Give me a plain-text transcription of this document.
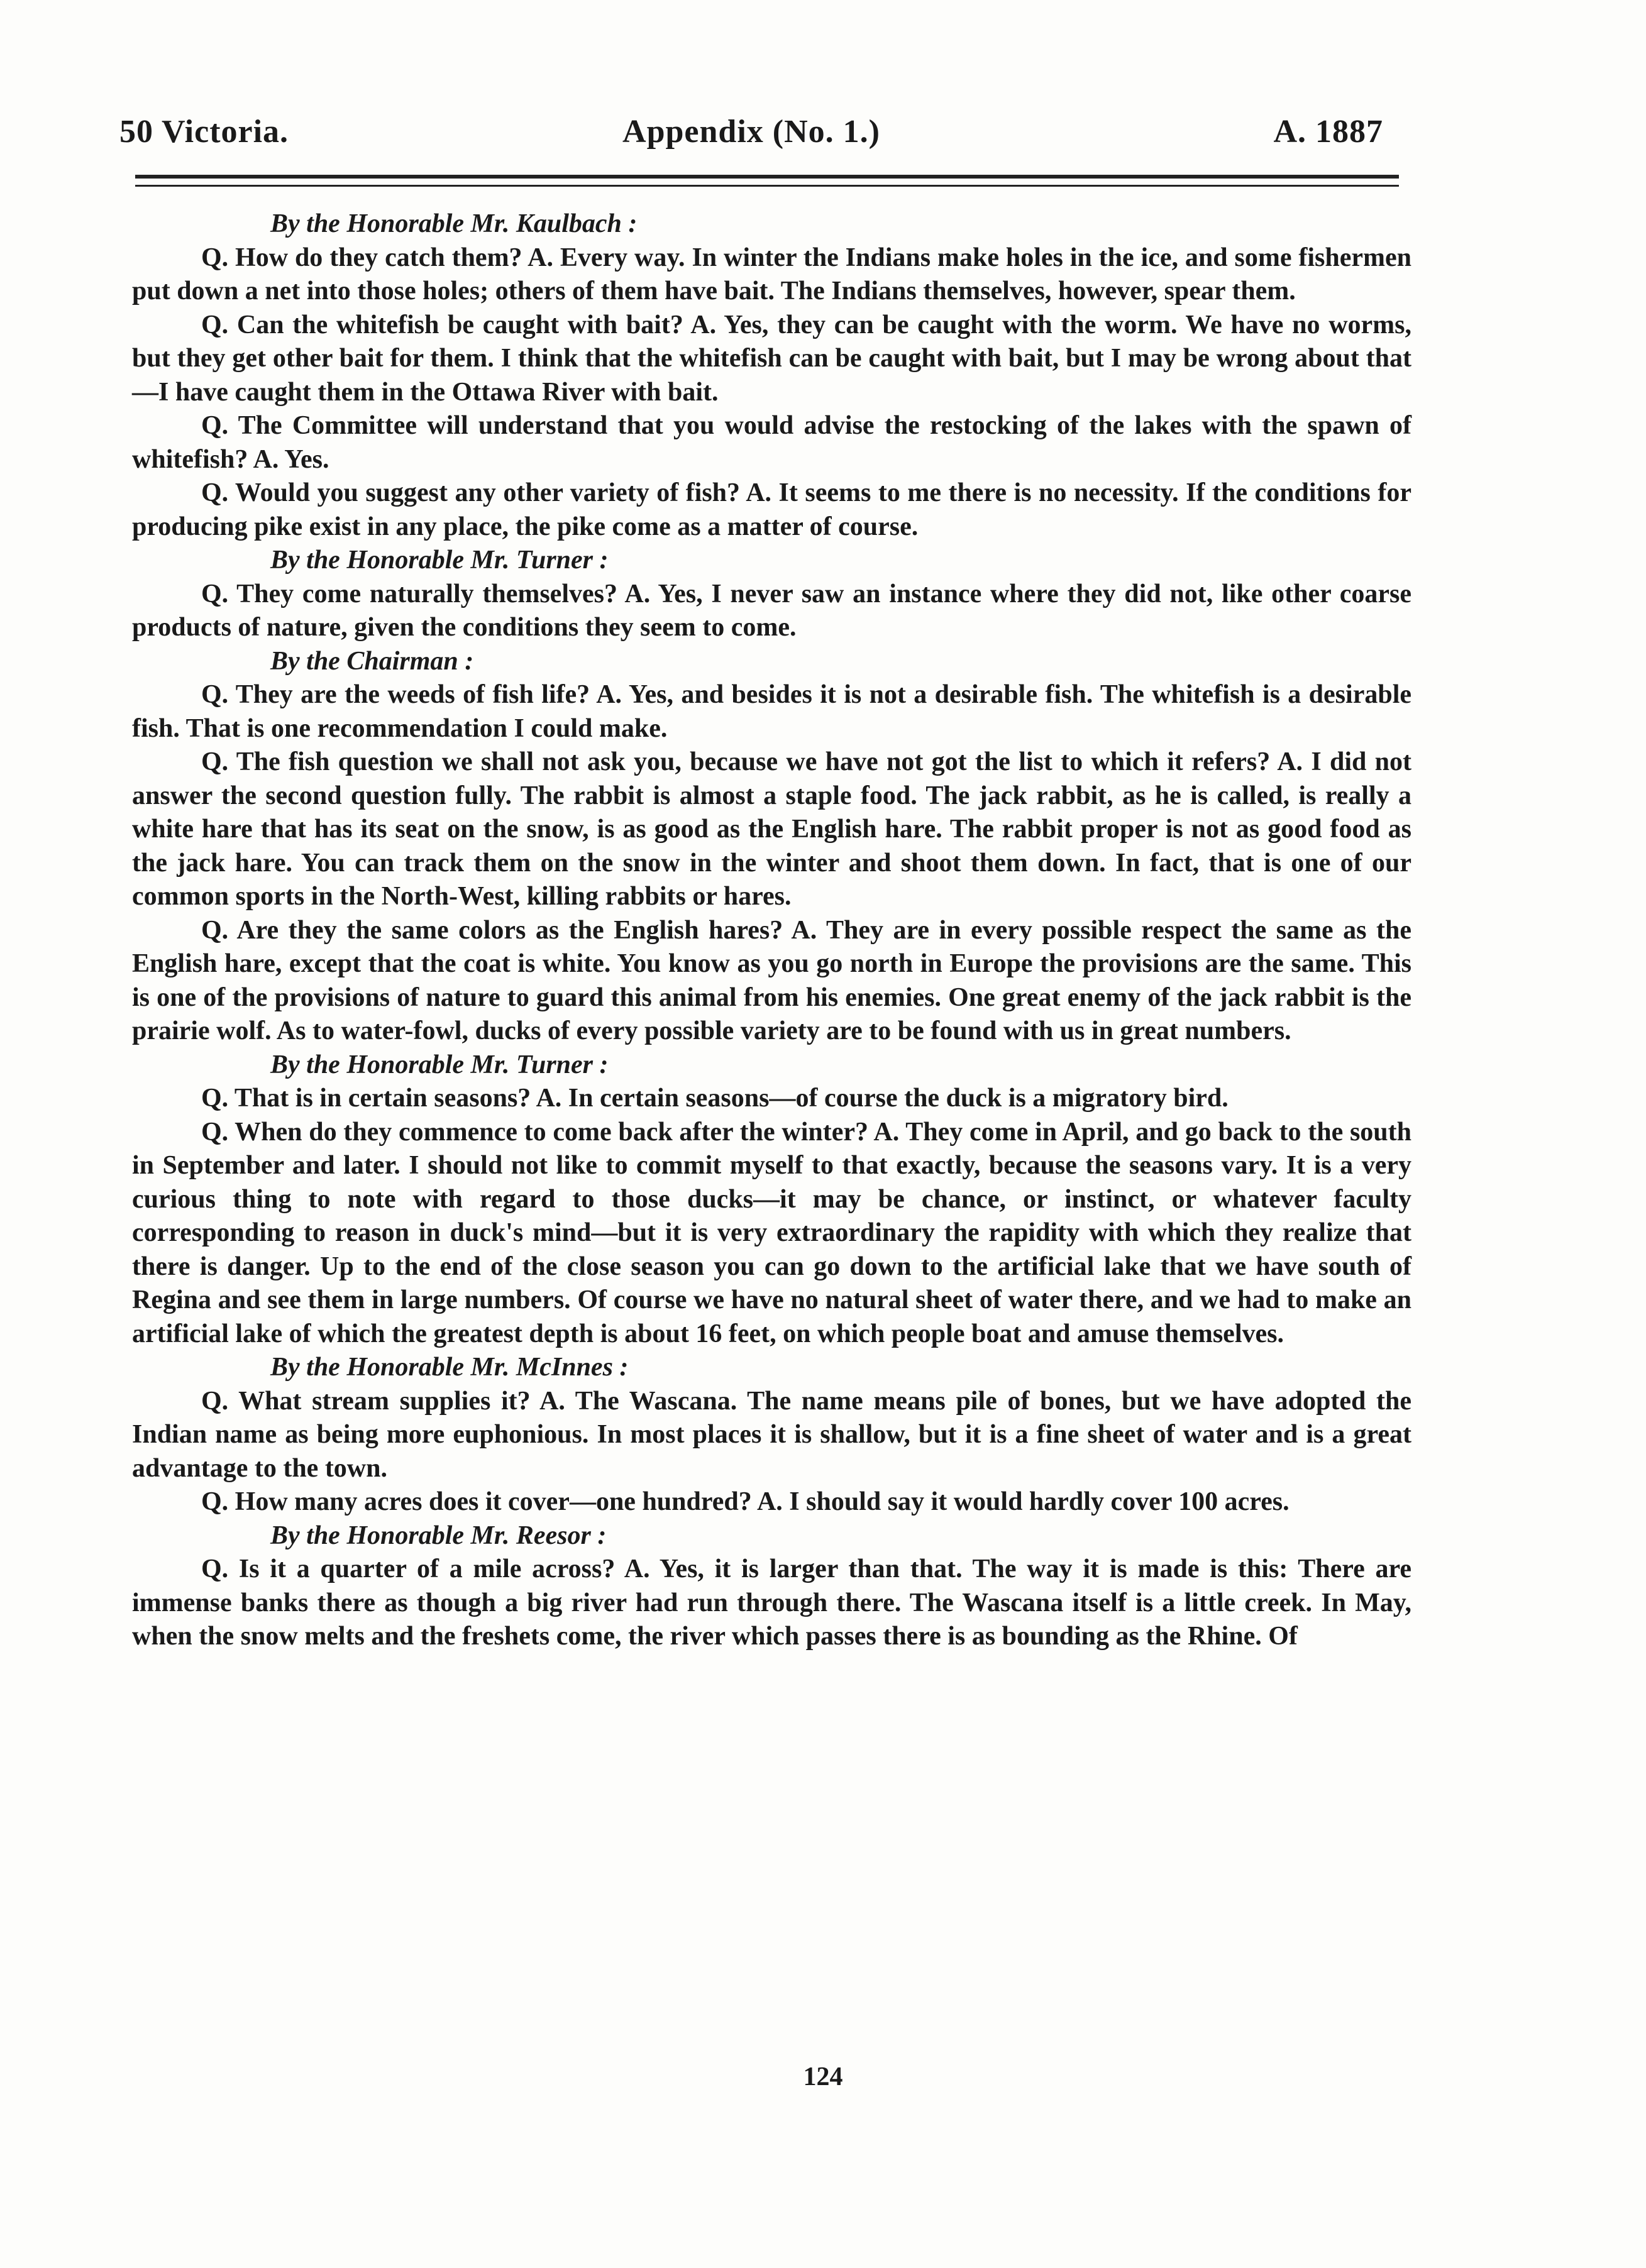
50 Victoria.	Appendix (No. 1.)	A. 1887

By the Honorable Mr. Kaulbach :

Q. How do they catch them? A. Every way. In winter the Indians make holes in the ice, and some fishermen put down a net into those holes; others of them have bait. The Indians themselves, however, spear them.

Q. Can the whitefish be caught with bait? A. Yes, they can be caught with the worm. We have no worms, but they get other bait for them. I think that the whitefish can be caught with bait, but I may be wrong about that—I have caught them in the Ottawa River with bait.

Q. The Committee will understand that you would advise the restocking of the lakes with the spawn of whitefish? A. Yes.

Q. Would you suggest any other variety of fish? A. It seems to me there is no necessity. If the conditions for producing pike exist in any place, the pike come as a matter of course.

By the Honorable Mr. Turner :

Q. They come naturally themselves? A. Yes, I never saw an instance where they did not, like other coarse products of nature, given the conditions they seem to come.

By the Chairman :

Q. They are the weeds of fish life? A. Yes, and besides it is not a desirable fish. The whitefish is a desirable fish. That is one recommendation I could make.

Q. The fish question we shall not ask you, because we have not got the list to which it refers? A. I did not answer the second question fully. The rabbit is almost a staple food. The jack rabbit, as he is called, is really a white hare that has its seat on the snow, is as good as the English hare. The rabbit proper is not as good food as the jack hare. You can track them on the snow in the winter and shoot them down. In fact, that is one of our common sports in the North-West, killing rabbits or hares.

Q. Are they the same colors as the English hares? A. They are in every possible respect the same as the English hare, except that the coat is white. You know as you go north in Europe the provisions are the same. This is one of the provisions of nature to guard this animal from his enemies. One great enemy of the jack rabbit is the prairie wolf. As to water-fowl, ducks of every possible variety are to be found with us in great numbers.

By the Honorable Mr. Turner :

Q. That is in certain seasons? A. In certain seasons—of course the duck is a migratory bird.

Q. When do they commence to come back after the winter? A. They come in April, and go back to the south in September and later. I should not like to commit myself to that exactly, because the seasons vary. It is a very curious thing to note with regard to those ducks—it may be chance, or instinct, or whatever faculty corresponding to reason in duck's mind—but it is very extraordinary the rapidity with which they realize that there is danger. Up to the end of the close season you can go down to the artificial lake that we have south of Regina and see them in large numbers. Of course we have no natural sheet of water there, and we had to make an artificial lake of which the greatest depth is about 16 feet, on which people boat and amuse themselves.

By the Honorable Mr. McInnes :

Q. What stream supplies it? A. The Wascana. The name means pile of bones, but we have adopted the Indian name as being more euphonious. In most places it is shallow, but it is a fine sheet of water and is a great advantage to the town.

Q. How many acres does it cover—one hundred? A. I should say it would hardly cover 100 acres.

By the Honorable Mr. Reesor :

Q. Is it a quarter of a mile across? A. Yes, it is larger than that. The way it is made is this: There are immense banks there as though a big river had run through there. The Wascana itself is a little creek. In May, when the snow melts and the freshets come, the river which passes there is as bounding as the Rhine. Of

124
